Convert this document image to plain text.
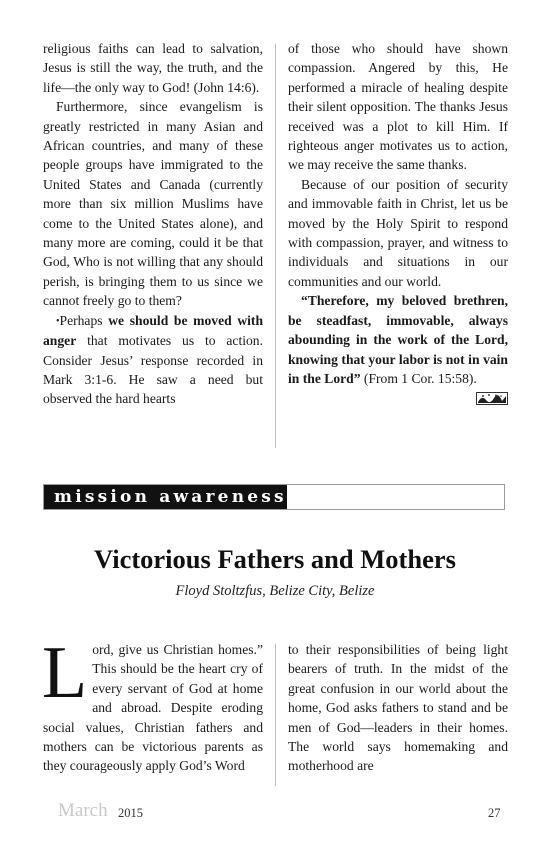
religious faiths can lead to salvation, Jesus is still the way, the truth, and the life—the only way to God! (John 14:6).

Furthermore, since evangelism is greatly restricted in many Asian and African countries, and many of these people groups have immigrated to the United States and Canada (currently more than six million Muslims have come to the United States alone), and many more are coming, could it be that God, Who is not willing that any should perish, is bringing them to us since we cannot freely go to them?

•Perhaps we should be moved with anger that motivates us to action. Consider Jesus’ response recorded in Mark 3:1-6. He saw a need but observed the hard hearts

of those who should have shown compassion. Angered by this, He performed a miracle of healing despite their silent opposition. The thanks Jesus received was a plot to kill Him. If righteous anger motivates us to action, we may receive the same thanks.

Because of our position of security and immovable faith in Christ, let us be moved by the Holy Spirit to respond with compassion, prayer, and witness to individuals and situations in our communities and our world.

“Therefore, my beloved brethren, be steadfast, immovable, always abounding in the work of the Lord, knowing that your labor is not in vain in the Lord” (From 1 Cor. 15:58).

mission awareness
Victorious Fathers and Mothers
Floyd Stoltzfus, Belize City, Belize

Lord, give us Christian homes.” This should be the heart cry of every servant of God at home and abroad. Despite eroding social values, Christian fathers and mothers can be victorious parents as they courageously apply God’s Word

to their responsibilities of being light bearers of truth. In the midst of the great confusion in our world about the home, God asks fathers to stand and be men of God—leaders in their homes. The world says homemaking and motherhood are

March 2015	27
